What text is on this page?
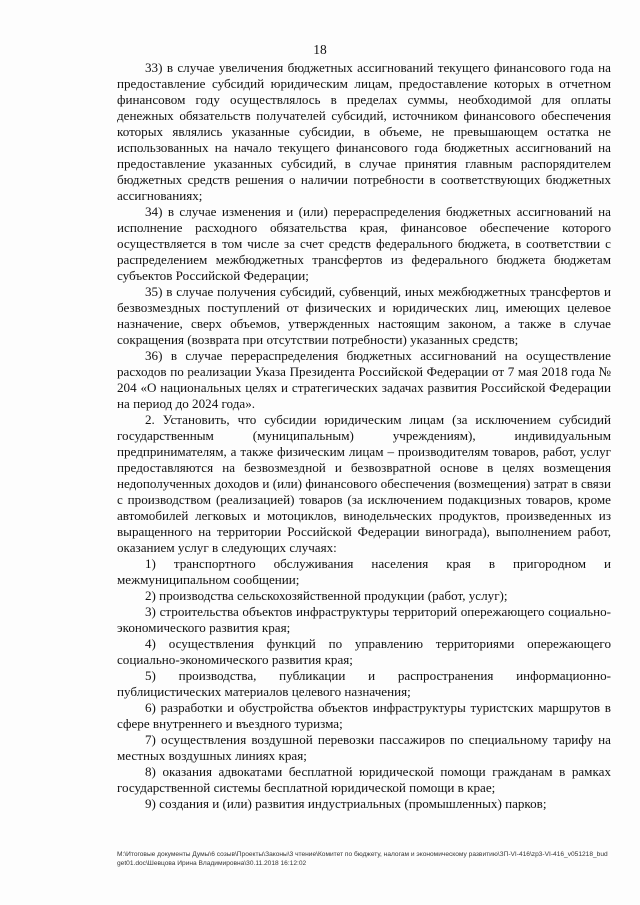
18

33) в случае увеличения бюджетных ассигнований текущего финансового года на предоставление субсидий юридическим лицам, предоставление которых в отчетном финансовом году осуществлялось в пределах суммы, необходимой для оплаты денежных обязательств получателей субсидий, источником финансового обеспечения которых являлись указанные субсидии, в объеме, не превышающем остатка не использованных на начало текущего финансового года бюджетных ассигнований на предоставление указанных субсидий, в случае принятия главным распорядителем бюджетных средств решения о наличии потребности в соответствующих бюджетных ассигнованиях;

34) в случае изменения и (или) перераспределения бюджетных ассигнований на исполнение расходного обязательства края, финансовое обеспечение которого осуществляется в том числе за счет средств федерального бюджета, в соответствии с распределением межбюджетных трансфертов из федерального бюджета бюджетам субъектов Российской Федерации;

35) в случае получения субсидий, субвенций, иных межбюджетных трансфертов и безвозмездных поступлений от физических и юридических лиц, имеющих целевое назначение, сверх объемов, утвержденных настоящим законом, а также в случае сокращения (возврата при отсутствии потребности) указанных средств;

36) в случае перераспределения бюджетных ассигнований на осуществление расходов по реализации Указа Президента Российской Федерации от 7 мая 2018 года № 204 «О национальных целях и стратегических задачах развития Российской Федерации на период до 2024 года».

2. Установить, что субсидии юридическим лицам (за исключением субсидий государственным (муниципальным) учреждениям), индивидуальным предпринимателям, а также физическим лицам – производителям товаров, работ, услуг предоставляются на безвозмездной и безвозвратной основе в целях возмещения недополученных доходов и (или) финансового обеспечения (возмещения) затрат в связи с производством (реализацией) товаров (за исключением подакцизных товаров, кроме автомобилей легковых и мотоциклов, винодельческих продуктов, произведенных из выращенного на территории Российской Федерации винограда), выполнением работ, оказанием услуг в следующих случаях:

1) транспортного обслуживания населения края в пригородном и межмуниципальном сообщении;

2) производства сельскохозяйственной продукции (работ, услуг);

3) строительства объектов инфраструктуры территорий опережающего социально-экономического развития края;

4) осуществления функций по управлению территориями опережающего социально-экономического развития края;

5) производства, публикации и распространения информационно-публицистических материалов целевого назначения;

6) разработки и обустройства объектов инфраструктуры туристских маршрутов в сфере внутреннего и въездного туризма;

7) осуществления воздушной перевозки пассажиров по специальному тарифу на местных воздушных линиях края;

8) оказания адвокатами бесплатной юридической помощи гражданам в рамках государственной системы бесплатной юридической помощи в крае;

9) создания и (или) развития индустриальных (промышленных) парков;

M:\Итоговые документы Думы\6 созыв\Проекты\Законы\3 чтение\Комитет по бюджету, налогам и экономическому развитию\ЗП-VI-416\zp3-VI-416_v051218_budget01.doc\Шевцова Ирина Владимировна\30.11.2018 16:12:02
